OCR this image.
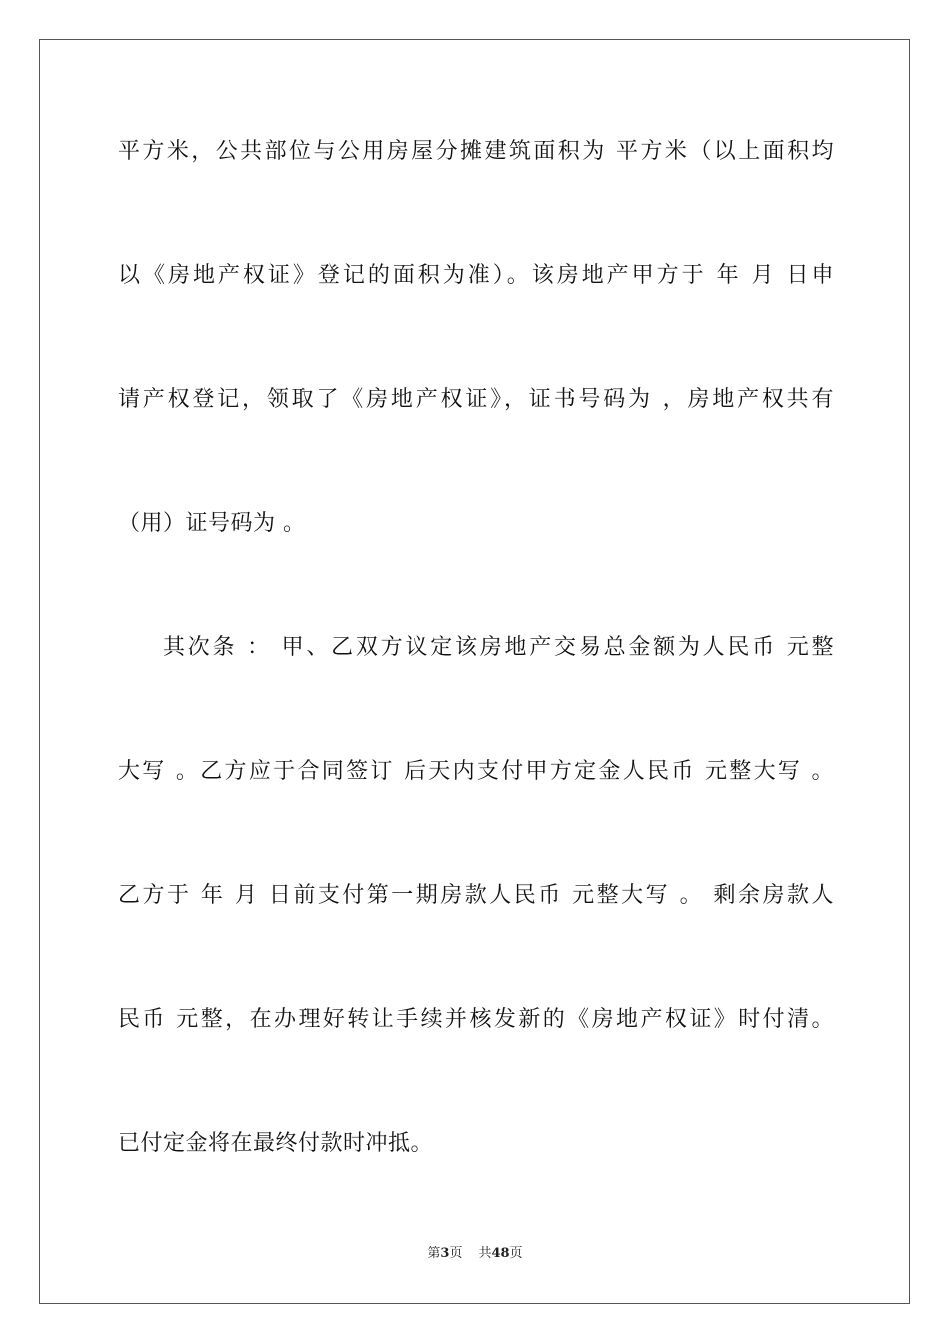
平方米，公共部位与公用房屋分摊建筑面积为 平方米（以上面积均
以《房地产权证》登记的面积为准）。该房地产甲方于 年 月 日申
请产权登记，领取了《房地产权证》，证书号码为 ，房地产权共有
（用）证号码为 。
其次条 ： 甲、乙双方议定该房地产交易总金额为人民币 元整
大写 。乙方应于合同签订 后天内支付甲方定金人民币 元整大写 。
乙方于 年 月 日前支付第一期房款人民币 元整大写 。 剩余房款人
民币 元整，在办理好转让手续并核发新的《房地产权证》时付清。
已付定金将在最终付款时冲抵。
第3页 共48页
